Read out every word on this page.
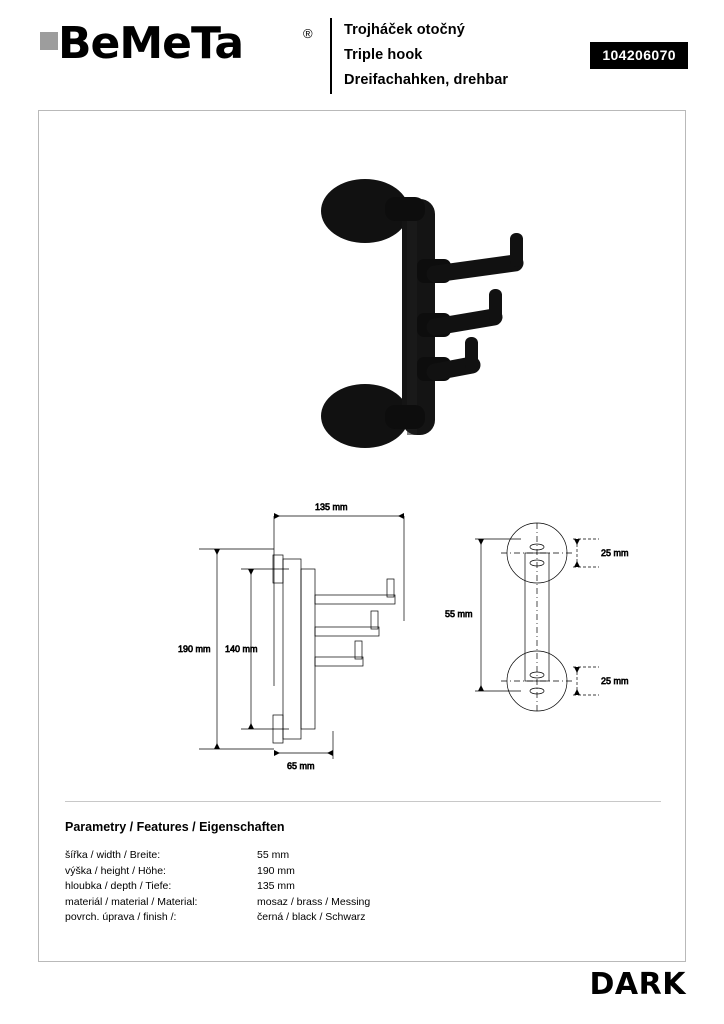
BeMeTa	® Trojháček otočný
Triple hook
Dreifachahken, drehbar
104206070
135 mm
190 mm 140 mm
65 mm
55 mm
25 mm
25 mm
Parametry / Features / Eigenschaften
šířka / width / Breite:	55 mm
výška / height / Höhe:	190 mm
hloubka / depth / Tiefe:	135 mm
materiál / material / Material:	mosaz / brass / Messing
povrch. úprava / finish /:	černá / black / Schwarz
DARK
